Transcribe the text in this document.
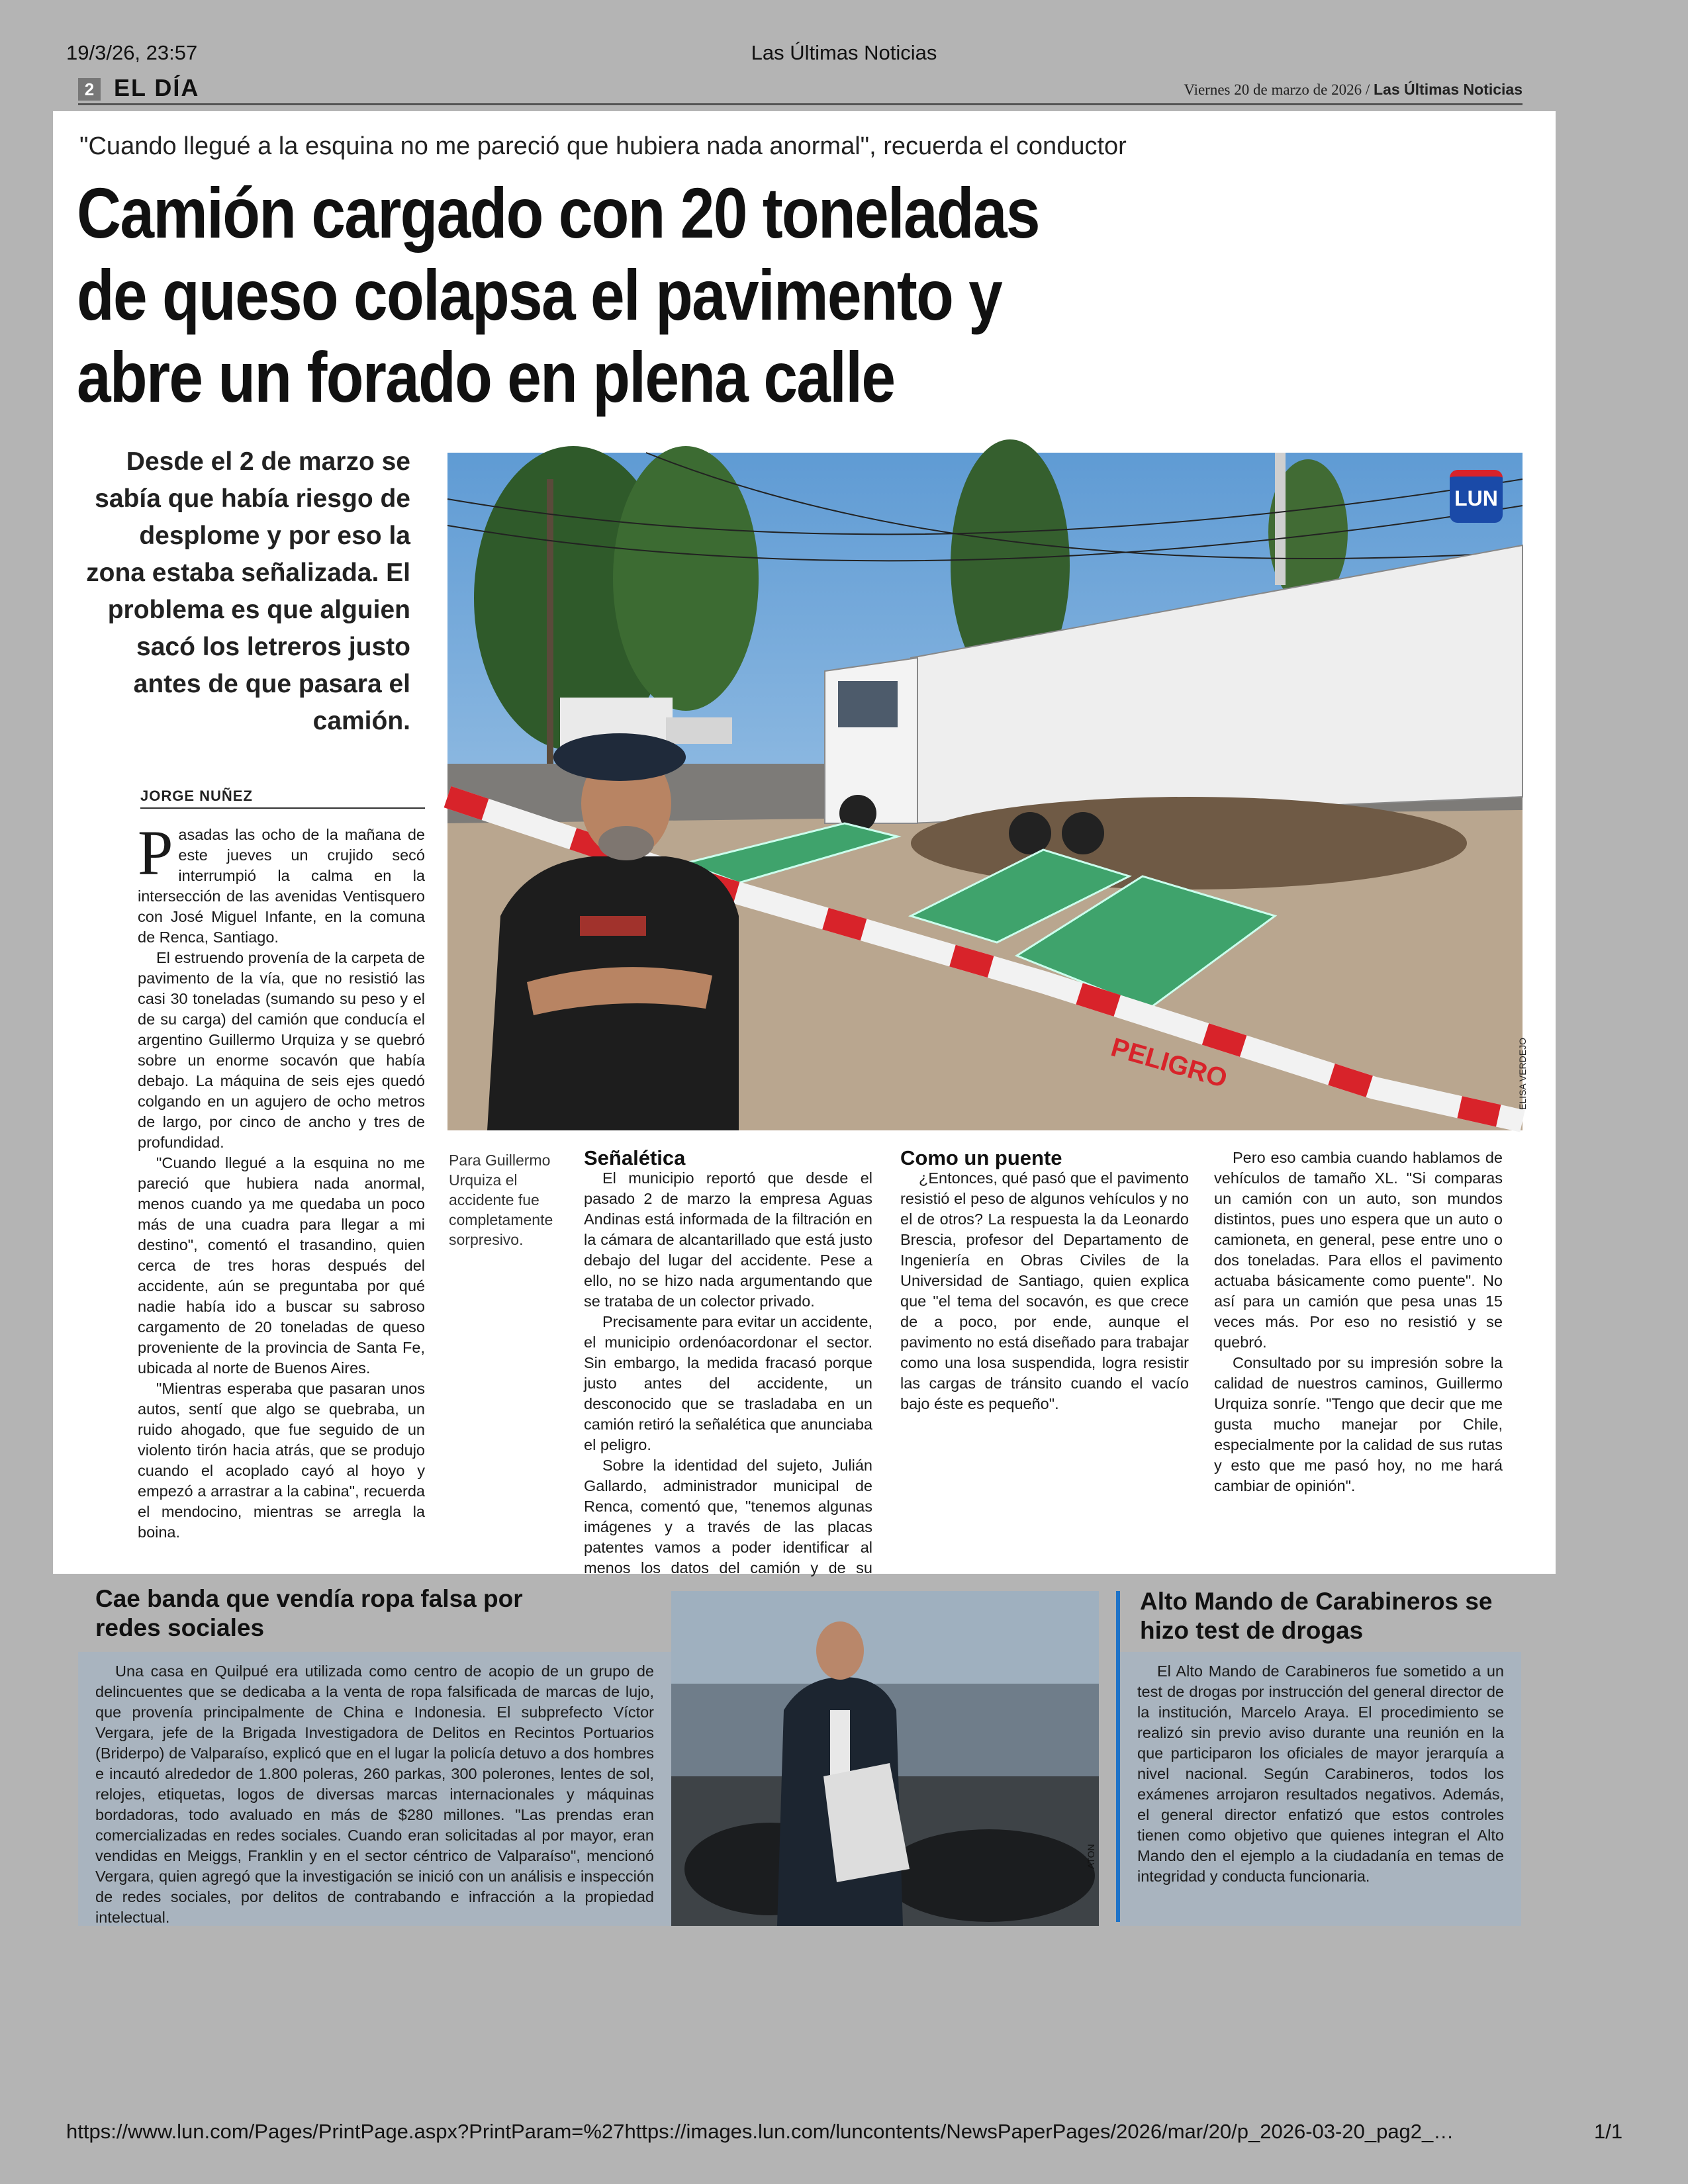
19/3/26, 23:57	Las Últimas Noticias
2 EL DÍA	Viernes 20 de marzo de 2026 / Las Últimas Noticias
"Cuando llegué a la esquina no me pareció que hubiera nada anormal", recuerda el conductor
Camión cargado con 20 toneladas de queso colapsa el pavimento y abre un forado en plena calle
Desde el 2 de marzo se sabía que había riesgo de desplome y por eso la zona estaba señalizada. El problema es que alguien sacó los letreros justo antes de que pasara el camión.
JORGE NUÑEZ
PELIGRO
LUN
ELISA VERDEJO
Para Guillermo Urquiza el accidente fue completamente sorpresivo.

Pasadas las ocho de la mañana de este jueves un crujido secó interrumpió la calma en la intersección de las avenidas Ventisquero con José Miguel Infante, en la comuna de Renca, Santiago.

El estruendo provenía de la carpeta de pavimento de la vía, que no resistió las casi 30 toneladas (sumando su peso y el de su carga) del camión que conducía el argentino Guillermo Urquiza y se quebró sobre un enorme socavón que había debajo. La máquina de seis ejes quedó colgando en un agujero de ocho metros de largo, por cinco de ancho y tres de profundidad.

"Cuando llegué a la esquina no me pareció que hubiera nada anormal, menos cuando ya me quedaba un poco más de una cuadra para llegar a mi destino", comentó el trasandino, quien cerca de tres horas después del accidente, aún se preguntaba por qué nadie había ido a buscar su sabroso cargamento de 20 toneladas de queso proveniente de la provincia de Santa Fe, ubicada al norte de Buenos Aires.

"Mientras esperaba que pasaran unos autos, sentí que algo se quebraba, un ruido ahogado, que fue seguido de un violento tirón hacia atrás, que se produjo cuando el acoplado cayó al hoyo y empezó a arrastrar a la cabina", recuerda el mendocino, mientras se arregla la boina.

Señalética

El municipio reportó que desde el pasado 2 de marzo la empresa Aguas Andinas está informada de la filtración en la cámara de alcantarillado que está justo debajo del lugar del accidente. Pese a ello, no se hizo nada argumentando que se trataba de un colector privado.

Precisamente para evitar un accidente, el municipio ordenóacordonar el sector. Sin embargo, la medida fracasó porque justo antes del accidente, un desconocido que se trasladaba en un camión retiró la señalética que anunciaba el peligro.

Sobre la identidad del sujeto, Julián Gallardo, administrador municipal de Renca, comentó que, "tenemos algunas imágenes y a través de las placas patentes vamos a poder identificar al menos los datos del camión y de su

Como un puente

¿Entonces, qué pasó que el pavimento resistió el peso de algunos vehículos y no el de otros? La respuesta la da Leonardo Brescia, profesor del Departamento de Ingeniería en Obras Civiles de la Universidad de Santiago, quien explica que "el tema del socavón, es que crece de a poco, por ende, aunque el pavimento no está diseñado para trabajar como una losa suspendida, logra resistir las cargas de tránsito cuando el vacío bajo éste es pequeño".

Pero eso cambia cuando hablamos de vehículos de tamaño XL. "Si comparas un camión con un auto, son mundos distintos, pues uno espera que un auto o camioneta, en general, pese entre uno o dos toneladas. Para ellos el pavimento actuaba básicamente como puente". No así para un camión que pesa unas 15 veces más. Por eso no resistió y se quebró.

Consultado por su impresión sobre la calidad de nuestros caminos, Guillermo Urquiza sonríe. "Tengo que decir que me gusta mucho manejar por Chile, especialmente por la calidad de sus rutas y esto que me pasó hoy, no me hará cambiar de opinión".

Cae banda que vendía ropa falsa por redes sociales

Una casa en Quilpué era utilizada como centro de acopio de un grupo de delincuentes que se dedicaba a la venta de ropa falsificada de marcas de lujo, que provenía principalmente de China e Indonesia. El subprefecto Víctor Vergara, jefe de la Brigada Investigadora de Delitos en Recintos Portuarios (Briderpo) de Valparaíso, explicó que en el lugar la policía detuvo a dos hombres e incautó alrededor de 1.800 poleras, 260 parkas, 300 polerones, lentes de sol, relojes, etiquetas, logos de diversas marcas internacionales y máquinas bordadoras, todo avaluado en más de $280 millones. "Las prendas eran comercializadas en redes sociales. Cuando eran solicitadas al por mayor, eran vendidas en Meiggs, Franklin y en el sector céntrico de Valparaíso", mencionó Vergara, quien agregó que la investigación se inició con un análisis e inspección de redes sociales, por delitos de contrabando e infracción a la propiedad intelectual.

ATON
Alto Mando de Carabineros se hizo test de drogas

El Alto Mando de Carabineros fue sometido a un test de drogas por instrucción del general director de la institución, Marcelo Araya. El procedimiento se realizó sin previo aviso durante una reunión en la que participaron los oficiales de mayor jerarquía a nivel nacional. Según Carabineros, todos los exámenes arrojaron resultados negativos. Además, el general director enfatizó que estos controles tienen como objetivo que quienes integran el Alto Mando den el ejemplo a la ciudadanía en temas de integridad y conducta funcionaria.

https://www.lun.com/Pages/PrintPage.aspx?PrintParam=%27https://images.lun.com/luncontents/NewsPaperPages/2026/mar/20/p_2026-03-20_pag2_…	1/1
